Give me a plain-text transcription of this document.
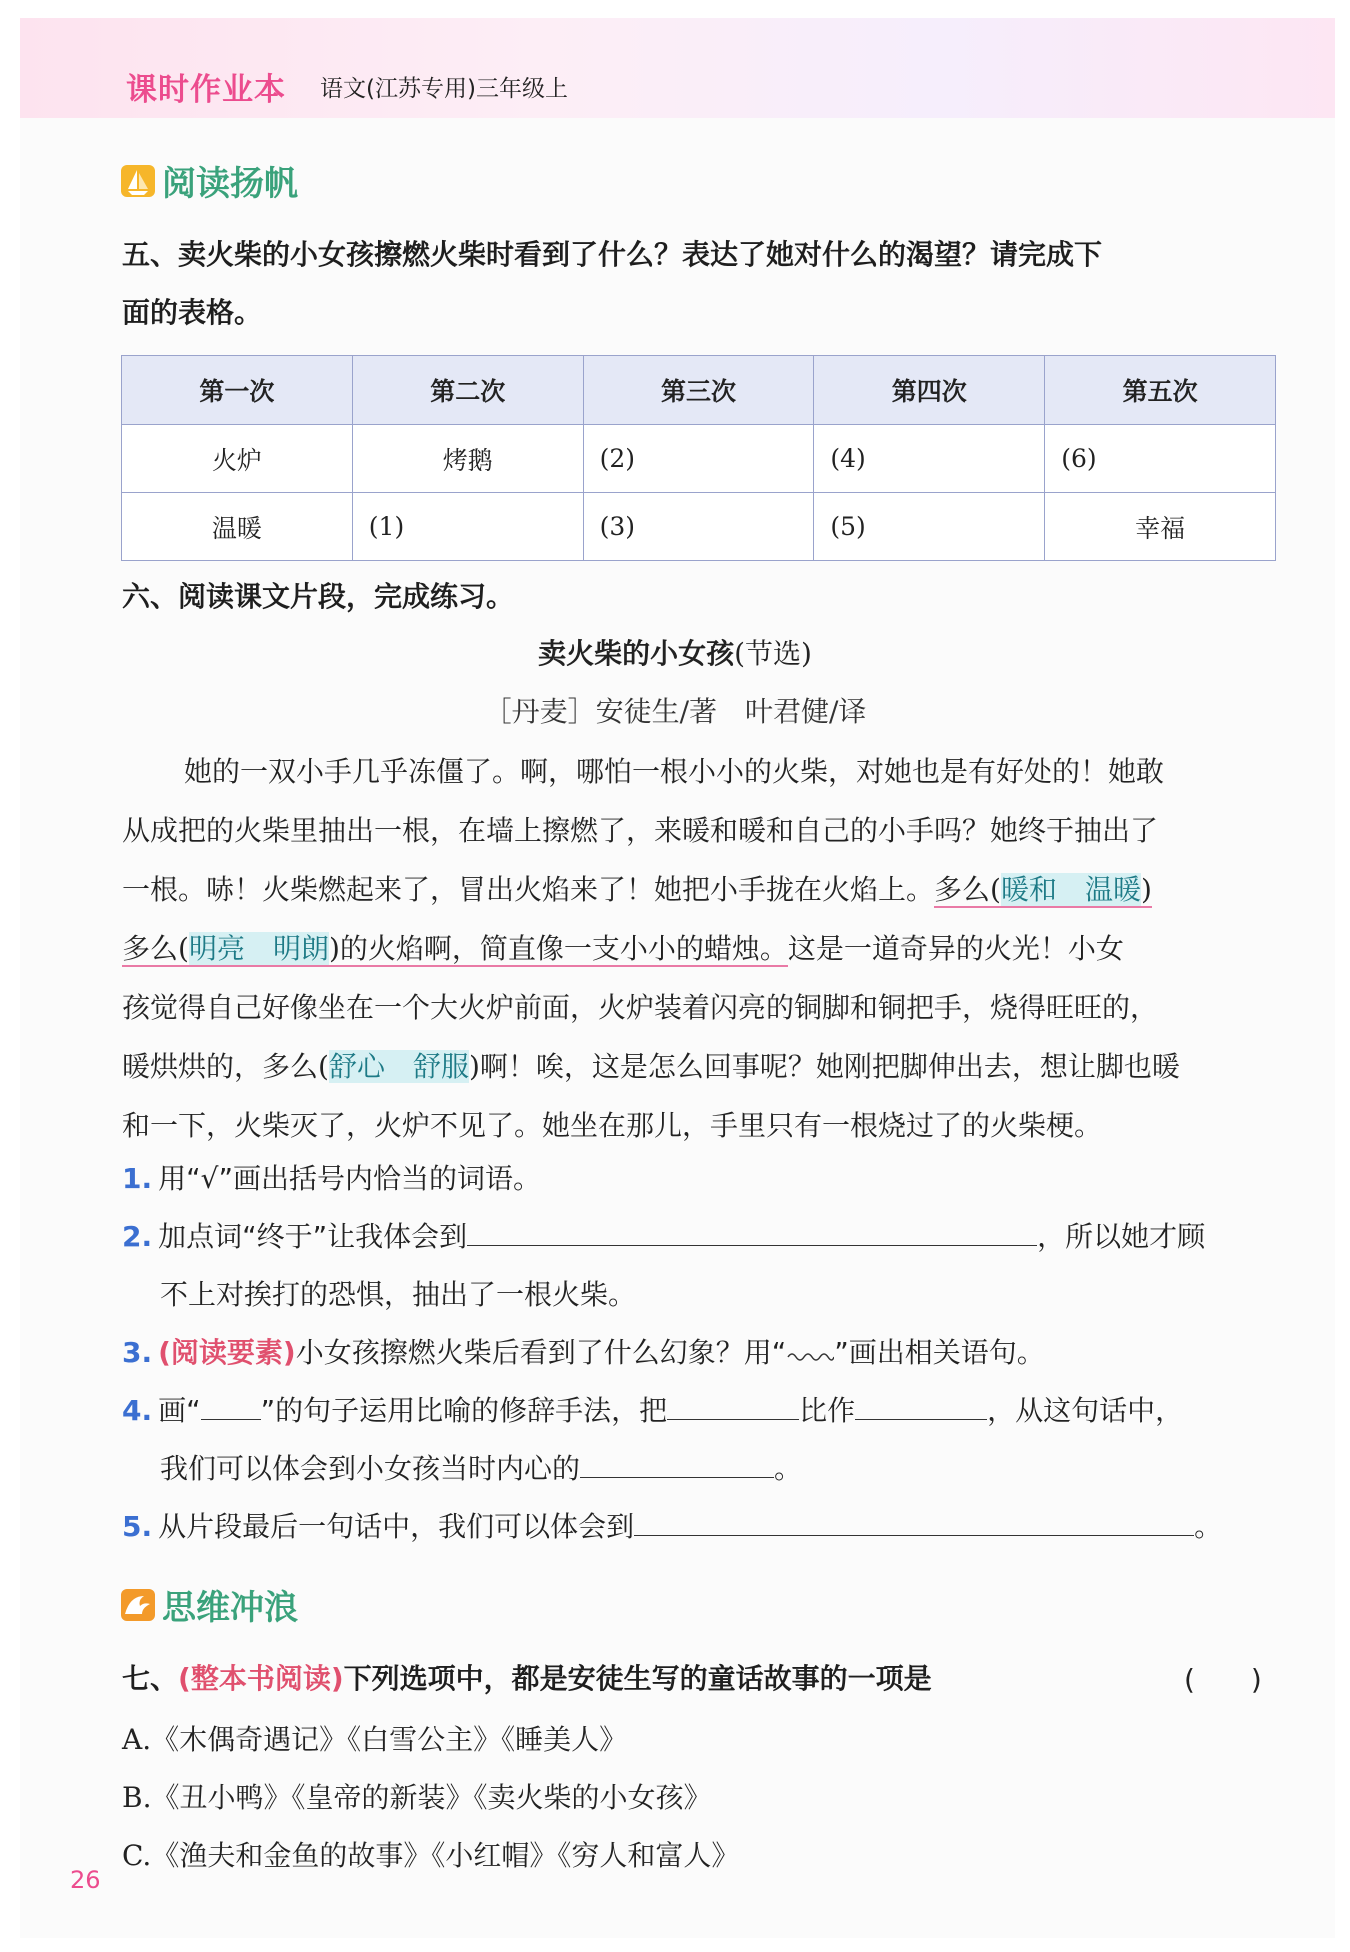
课时作业本 语文(江苏专用)三年级上
阅读扬帆
五、卖火柴的小女孩擦燃火柴时看到了什么？表达了她对什么的渴望？请完成下
面的表格。
第一次	第二次	第三次	第四次	第五次
火炉	烤鹅	(2)	(4)	(6)
温暖	(1)	(3)	(5)	幸福
六、阅读课文片段，完成练习。
卖火柴的小女孩(节选)
［丹麦］安徒生/著　叶君健/译
她的一双小手几乎冻僵了。啊，哪怕一根小小的火柴，对她也是有好处的！她敢
从成把的火柴里抽出一根，在墙上擦燃了，来暖和暖和自己的小手吗？她终于抽出了
一根。哧！火柴燃起来了，冒出火焰来了！她把小手拢在火焰上。多么(暖和　温暖)
多么(明亮　明朗)的火焰啊，简直像一支小小的蜡烛。这是一道奇异的火光！小女
孩觉得自己好像坐在一个大火炉前面，火炉装着闪亮的铜脚和铜把手，烧得旺旺的，
暖烘烘的，多么(舒心　舒服)啊！唉，这是怎么回事呢？她刚把脚伸出去，想让脚也暖
和一下，火柴灭了，火炉不见了。她坐在那儿，手里只有一根烧过了的火柴梗。
1. 用“√”画出括号内恰当的词语。
2. 加点词“终于”让我体会到	，所以她才顾
不上对挨打的恐惧，抽出了一根火柴。
3. (阅读要素)小女孩擦燃火柴后看到了什么幻象？用“ ”画出相关语句。
4. 画“ ”的句子运用比喻的修辞手法，把	比作	，从这句话中，
我们可以体会到小女孩当时内心的	。
5. 从片段最后一句话中，我们可以体会到	。
思维冲浪
七、(整本书阅读)下列选项中，都是安徒生写的童话故事的一项是	(　　)
A.《木偶奇遇记》《白雪公主》《睡美人》
B.《丑小鸭》《皇帝的新装》《卖火柴的小女孩》
C.《渔夫和金鱼的故事》《小红帽》《穷人和富人》
26
